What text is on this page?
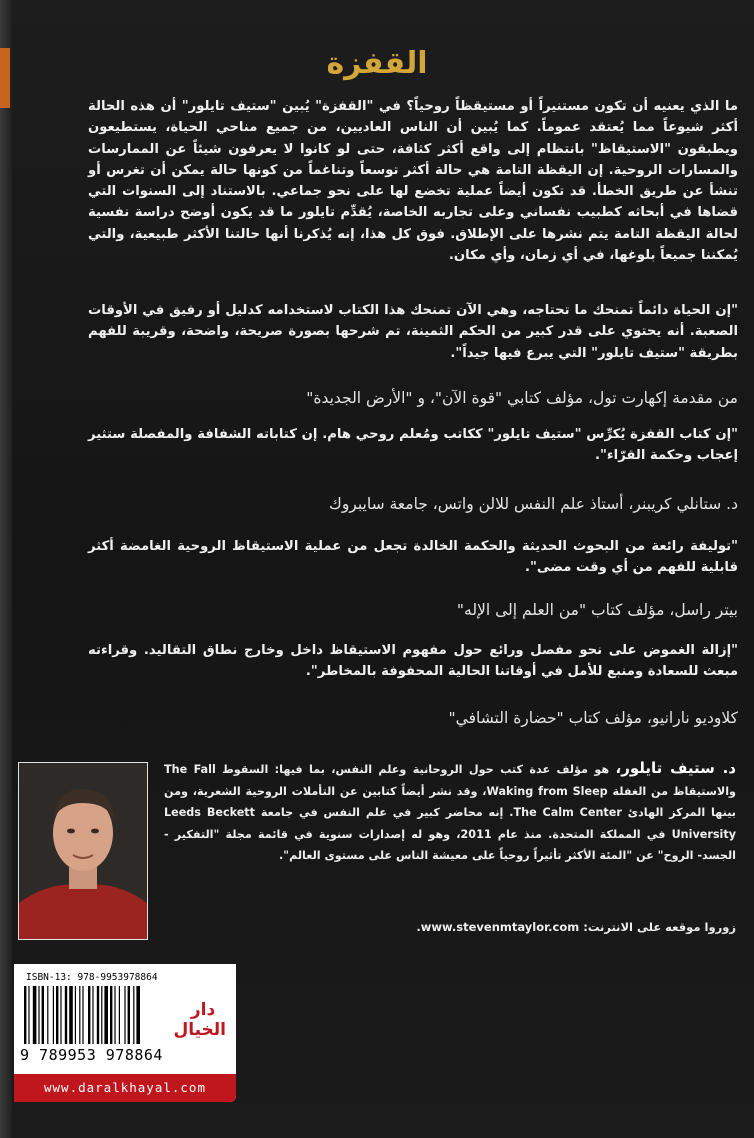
القفزة
ما الذي يعنيه أن تكون مستنيراً أو مستيقظاً روحياً؟ في "القفزة" يُبين "ستيف تايلور" أن هذه الحالة أكثر شيوعاً مما يُعتقد عموماً. كما يُبين أن الناس العاديين، من جميع مناحي الحياة، يستطيعون ويطبقون "الاستيقاظ" بانتظام إلى واقع أكثر كثافة، حتى لو كانوا لا يعرفون شيئاً عن الممارسات والمسارات الروحية. إن اليقظة التامة هي حالة أكثر توسعاً وتناغماً من كونها حالة يمكن أن تغرس أو تنشأ عن طريق الخطأ. قد تكون أيضاً عملية تخضع لها على نحو جماعي. بالاستناد إلى السنوات التي قضاها في أبحاثه كطبيب نفساني وعلى تجاربه الخاصة، يُقدِّم تايلور ما قد يكون أوضح دراسة نفسية لحالة اليقظة التامة يتم نشرها على الإطلاق. فوق كل هذا، إنه يُذكرنا أنها حالتنا الأكثر طبيعية، والتي يُمكننا جميعاً بلوغها، في أي زمان، وأي مكان.
"إن الحياة دائماً تمنحك ما تحتاجه، وهي الآن تمنحك هذا الكتاب لاستخدامه كدليل أو رفيق في الأوقات الصعبة. أنه يحتوي على قدر كبير من الحكم الثمينة، تم شرحها بصورة صريحة، واضحة، وقريبة للفهم بطريقة "ستيف تايلور" التي يبرع فيها جيداً".
من مقدمة إكهارت تول، مؤلف كتابي "قوة الآن"، و "الأرض الجديدة"
"إن كتاب القفزة يُكرِّس "ستيف تايلور" ككاتب ومُعلم روحي هام. إن كتاباته الشفافة والمفصلة ستثير إعجاب وحكمة القرّاء".
د. ستانلي كريبنر، أستاذ علم النفس للالن واتس، جامعة سايبروك
"توليفة رائعة من البحوث الحديثة والحكمة الخالدة تجعل من عملية الاستيقاظ الروحية الغامضة أكثر قابلية للفهم من أي وقت مضى".
بيتر راسل، مؤلف كتاب "من العلم إلى الإله"
"إزالة الغموض على نحو مفصل ورائع حول مفهوم الاستيقاظ داخل وخارج نطاق التقاليد. وقراءته مبعث للسعادة ومنبع للأمل في أوقاتنا الحالية المحفوفة بالمخاطر".
كلاوديو نارانيو، مؤلف كتاب "حضارة التشافي"
د. ستيف تايلور، هو مؤلف عدة كتب حول الروحانية وعلم النفس، بما فيها: السقوط The Fall والاستيقاظ من الغفلة Waking from Sleep، وقد نشر أيضاً كتابين عن التأملات الروحية الشعرية، ومن بينها المركز الهادئ The Calm Center. إنه محاضر كبير في علم النفس في جامعة Leeds Beckett University في المملكة المتحدة. منذ عام 2011، وهو له إصدارات سنوية في قائمة مجلة "التفكير - الجسد- الروح" عن "المئة الأكثر تأثيراً روحياً على معيشة الناس على مستوى العالم".
زوروا موقعه على الانترنت: www.stevenmtaylor.com.
ISBN-13: 978-9953978864
9 789953 978864
دار الخيال
www.daralkhayal.com
